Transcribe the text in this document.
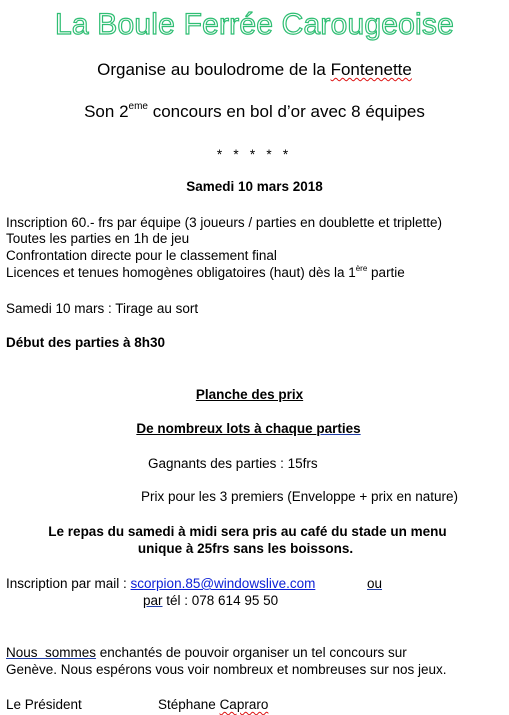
La Boule Ferrée Carougeoise
Organise au boulodrome de la Fontenette
Son 2eme concours en bol d’or avec 8 équipes
*   *   *   *   *
Samedi 10 mars 2018
Inscription 60.- frs par équipe (3 joueurs / parties en doublette et triplette)
Toutes les parties en 1h de jeu
Confrontation directe pour le classement final
Licences et tenues homogènes obligatoires (haut) dès la 1ère partie
Samedi 10 mars : Tirage au sort
Début des parties à 8h30
Planche des prix
De nombreux lots à chaque parties
Gagnants des parties : 15frs
Prix pour les 3 premiers (Enveloppe + prix en nature)
Le repas du samedi à midi sera pris au café du stade un menu
unique à 25frs sans les boissons.
Inscription par mail : scorpion.85@windowslive.com	ou
par tél : 078 614 95 50
Nous  sommes enchantés de pouvoir organiser un tel concours sur
Genève. Nous espérons vous voir nombreux et nombreuses sur nos jeux.
Le Président	Stéphane Capraro
